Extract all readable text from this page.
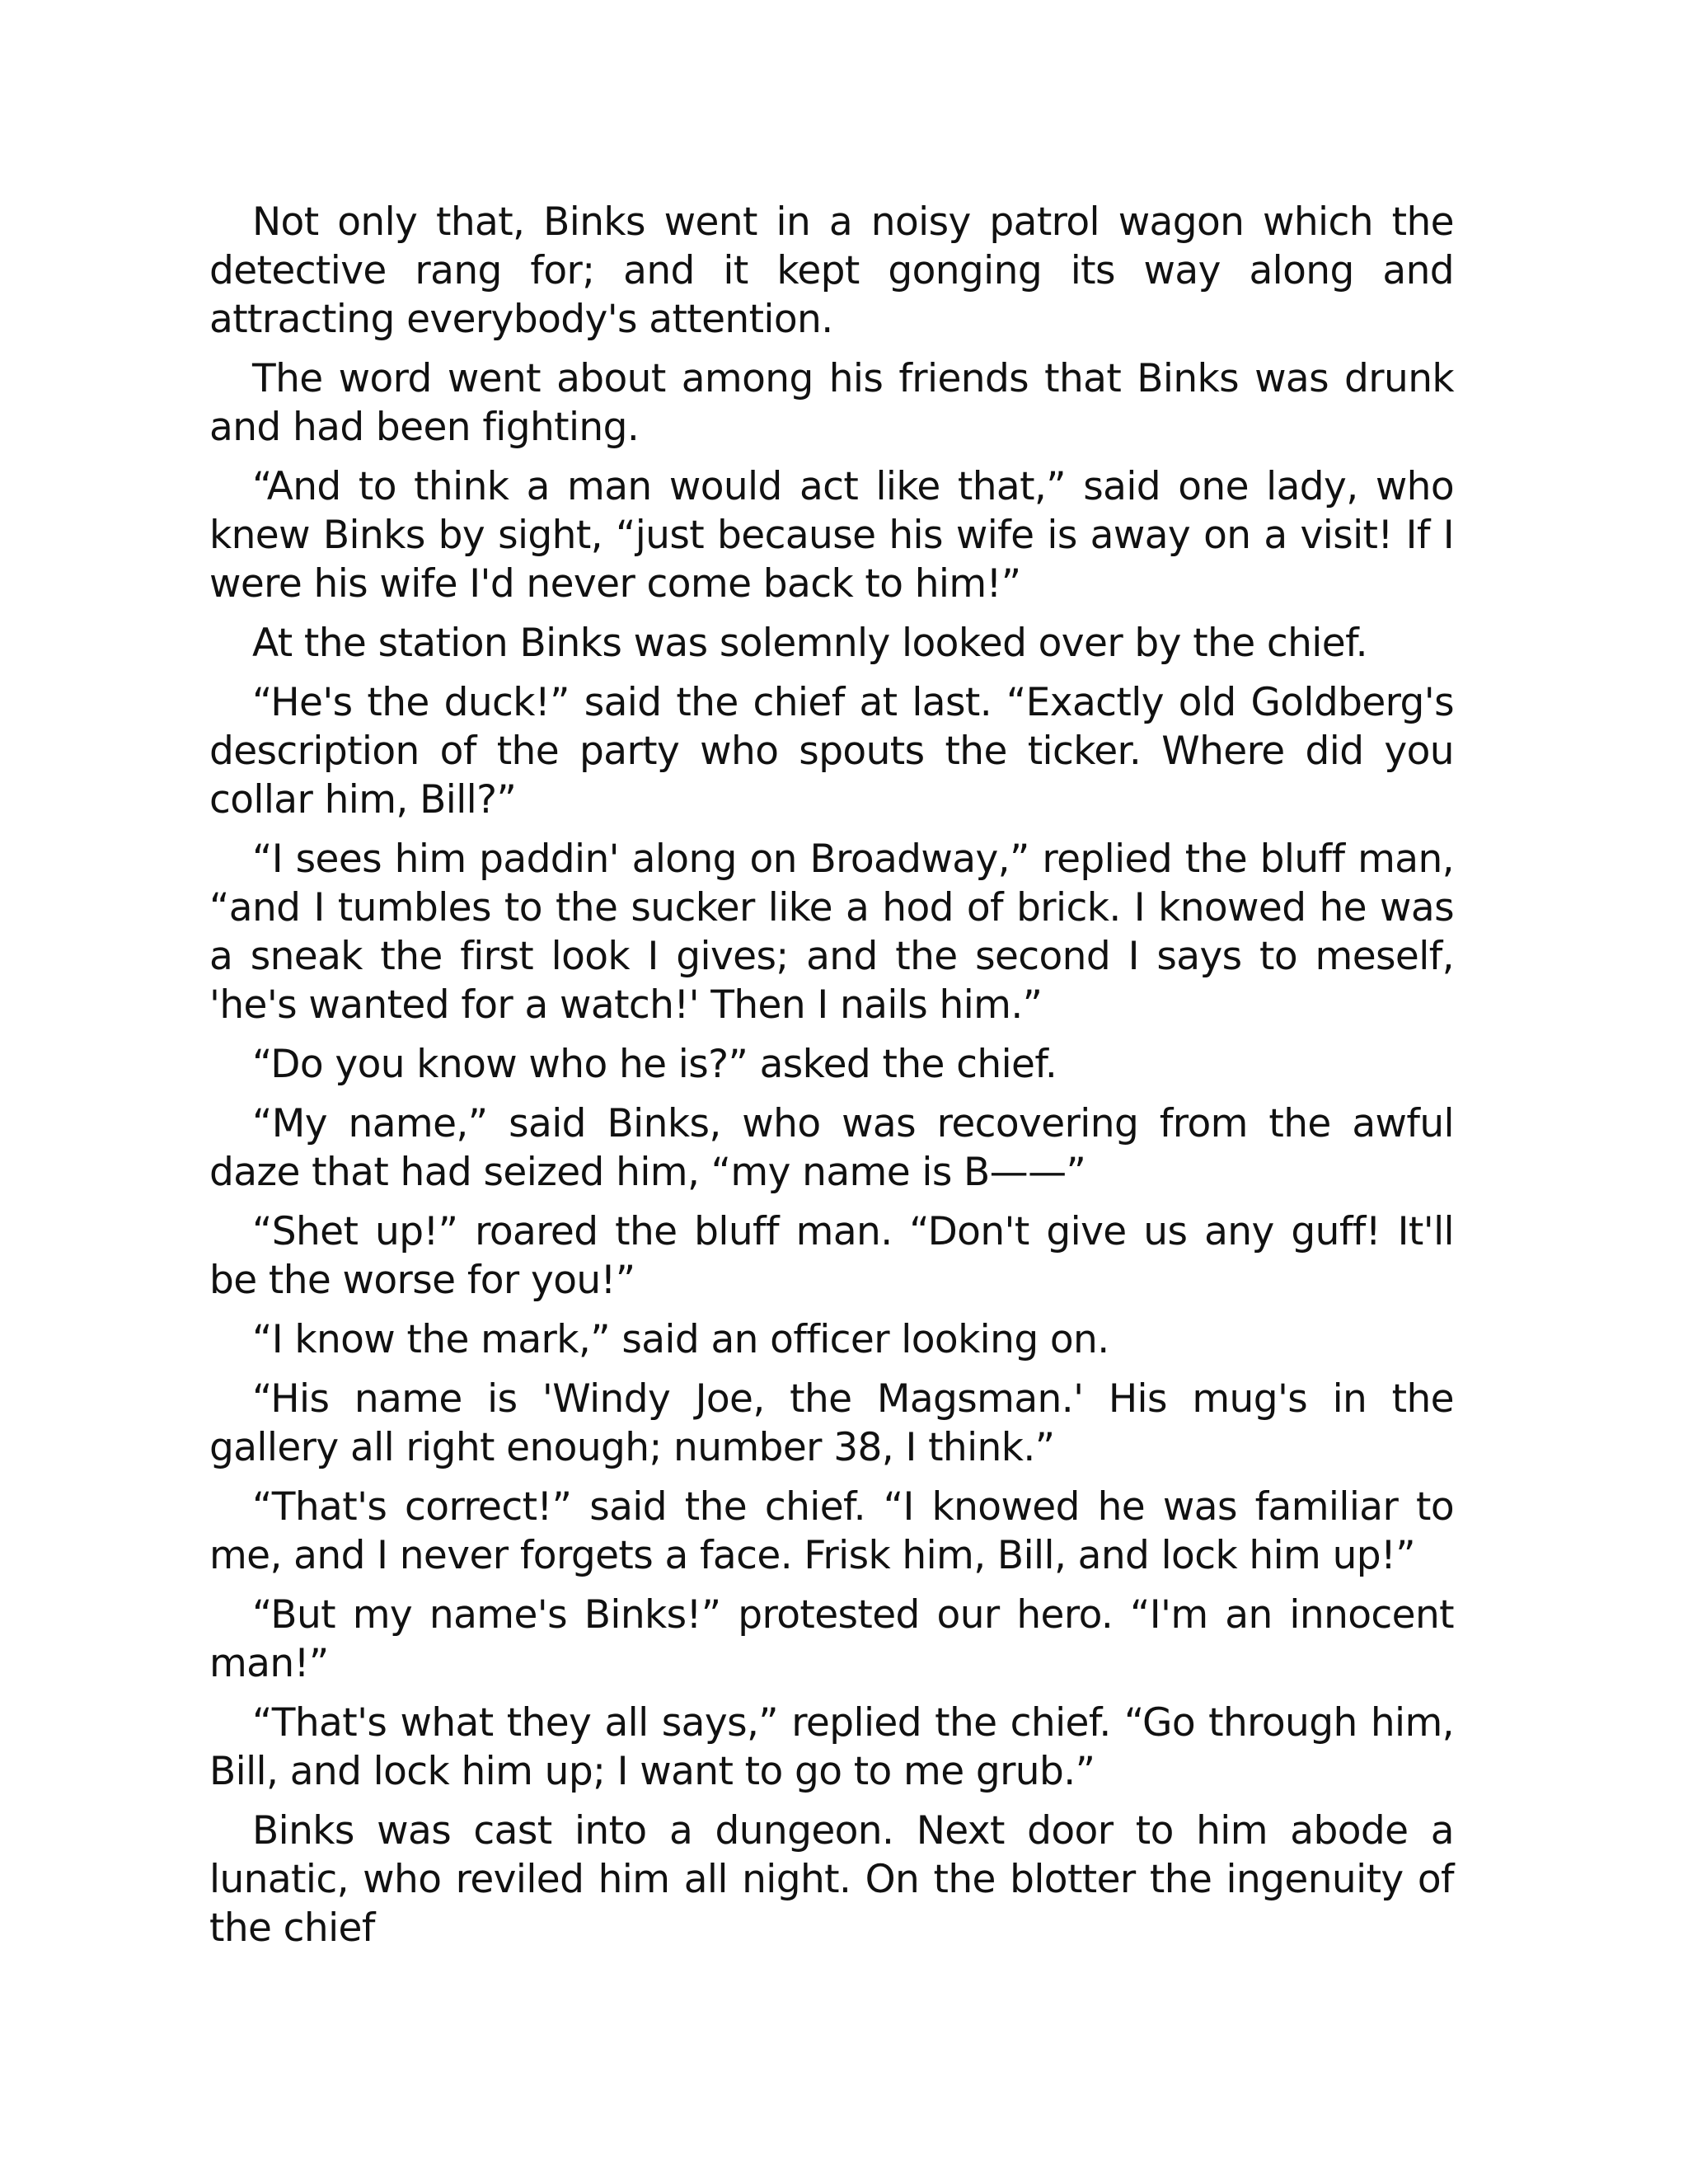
Not only that, Binks went in a noisy patrol wagon which the detective rang for; and it kept gonging its way along and attracting everybody's attention.

The word went about among his friends that Binks was drunk and had been fighting.

“And to think a man would act like that,” said one lady, who knew Binks by sight, “just because his wife is away on a visit! If I were his wife I'd never come back to him!”

At the station Binks was solemnly looked over by the chief.

“He's the duck!” said the chief at last. “Exactly old Goldberg's description of the party who spouts the ticker. Where did you collar him, Bill?”

“I sees him paddin' along on Broadway,” replied the bluff man, “and I tumbles to the sucker like a hod of brick. I knowed he was a sneak the first look I gives; and the second I says to meself, 'he's wanted for a watch!' Then I nails him.”

“Do you know who he is?” asked the chief.

“My name,” said Binks, who was recovering from the awful daze that had seized him, “my name is B——”

“Shet up!” roared the bluff man. “Don't give us any guff! It'll be the worse for you!”

“I know the mark,” said an officer looking on.

“His name is 'Windy Joe, the Magsman.' His mug's in the gallery all right enough; number 38, I think.”

“That's correct!” said the chief. “I knowed he was familiar to me, and I never forgets a face. Frisk him, Bill, and lock him up!”

“But my name's Binks!” protested our hero. “I'm an innocent man!”

“That's what they all says,” replied the chief. “Go through him, Bill, and lock him up; I want to go to me grub.”

Binks was cast into a dungeon. Next door to him abode a lunatic, who reviled him all night. On the blotter the ingenuity of the chief
